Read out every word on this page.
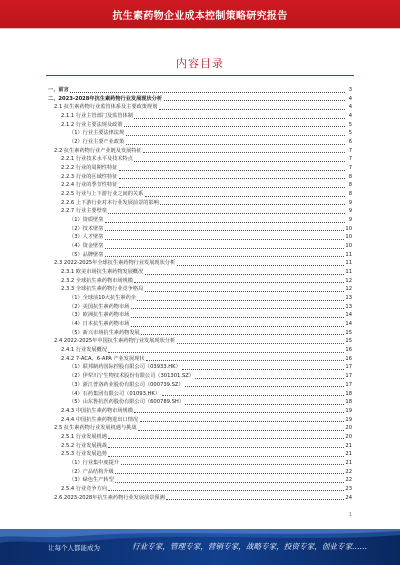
抗生素药物企业成本控制策略研究报告
内容目录
一、前言	3
二、2023-2028年抗生素药物行业发展现状分析	4
2.1 抗生素药物行业监管体系及主要政策规划	4
2.1.1 行业主管部门及监管体制	4
2.1.2 行业主要法规及政策	5
（1）行业主要法律法规	5
（2）行业主要产业政策	6
2.2 抗生素药物行业产业链及发展特征	7
2.2.1 行业技术水平及技术特点	7
2.2.2 行业的周期性特征	7
2.2.3 行业的区域性特征	8
2.2.4 行业的季节性特征	8
2.2.5 行业与上下游行业之间的关系	8
2.2.6 上下游行业对本行业发展前景的影响	9
2.2.7 行业主要壁垒	9
（1）资质壁垒	9
（2）技术壁垒	10
（3）人才壁垒	10
（4）资金壁垒	10
（5）品牌壁垒	11
2.3 2022-2025年全球抗生素药物行业发展现状分析	11
2.3.1 欧美市场抗生素药物发展概况	11
2.3.2 全球抗生素药物市场规模	12
2.3.3 全球抗生素药物行业竞争格局	12
（1）全球前10大抗生素药企	13
（2）美国抗生素药物市场	13
（3）欧洲抗生素药物市场	14
（4）日本抗生素药物市场	14
（5）新兴市场抗生素药物发展	15
2.4 2022-2025年中国抗生素药物行业发展现状分析	15
2.4.1 行业发展概况	16
2.4.2 7-ACA、6-APA 产业发展现状	16
（1）联邦制药国际控股有限公司（03933.HK）	17
（2）伊犁川宁生物技术股份有限公司（301301.SZ）	17
（3）浙江普洛药业股份有限公司（000739.SZ）	17
（4）石药集团有限公司（01093.HK）	18
（5）山东鲁抗医药股份有限公司（600789.SH）	18
2.4.3 中国抗生素药物市场规模	19
2.4.4 中国抗生素药物进出口情况	19
2.5 抗生素药物行业发展机遇与挑战	20
2.5.1 行业发展机遇	20
2.5.2 行业发展挑战	21
2.5.3 行业发展趋势	21
（1）行业集中度提升	21
（2）产品结构升级	22
（3）绿色生产转型	22
2.5.4 行业竞争方向	23
2.6 2023-2028年抗生素药物行业发展前景预测	24
1
让每个人都能成为	行业专家，管理专家，营销专家，战略专家，投资专家，创业专家……
